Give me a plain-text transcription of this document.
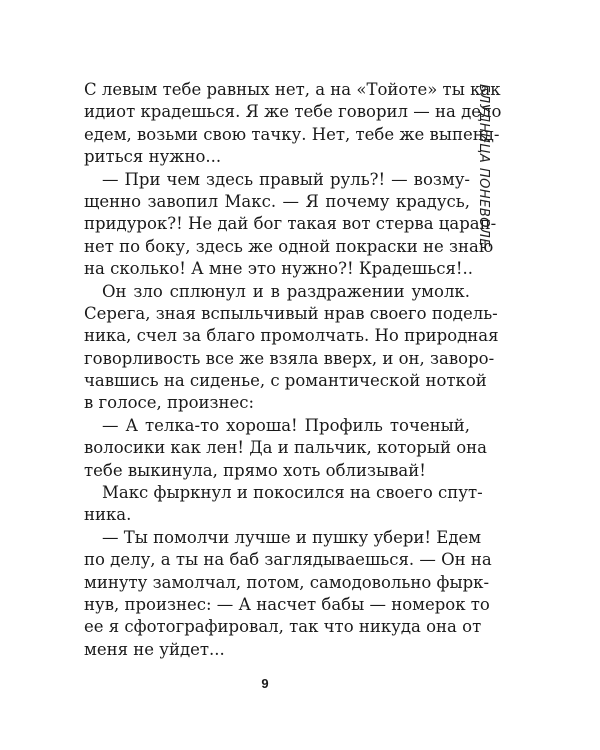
С левым тебе равных нет, а на «Тойоте» ты как
идиот крадешься. Я же тебе говорил — на дело
едем, возьми свою тачку. Нет, тебе же выпенд-
риться нужно...
— При чем здесь правый руль?! — возму-
щенно завопил Макс. — Я почему крадусь,
придурок?! Не дай бог такая вот стерва царап-
нет по боку, здесь же одной покраски не знаю
на сколько! А мне это нужно?! Крадешься!..
Он зло сплюнул и в раздражении умолк.
Серега, зная вспыльчивый нрав своего подель-
ника, счел за благо промолчать. Но природная
говорливость все же взяла вверх, и он, заворо-
чавшись на сиденье, с романтической ноткой
в голосе, произнес:
— А телка-то хороша! Профиль точеный,
волосики как лен! Да и пальчик, который она
тебе выкинула, прямо хоть облизывай!
Макс фыркнул и покосился на своего спут-
ника.
— Ты помолчи лучше и пушку убери! Едем
по делу, а ты на баб заглядываешься. — Он на
минуту замолчал, потом, самодовольно фырк-
нув, произнес: — А насчет бабы — номерок то
ее я сфотографировал, так что никуда она от
меня не уйдет...
БЛУДНИЦА ПОНЕВОЛЕ
9
